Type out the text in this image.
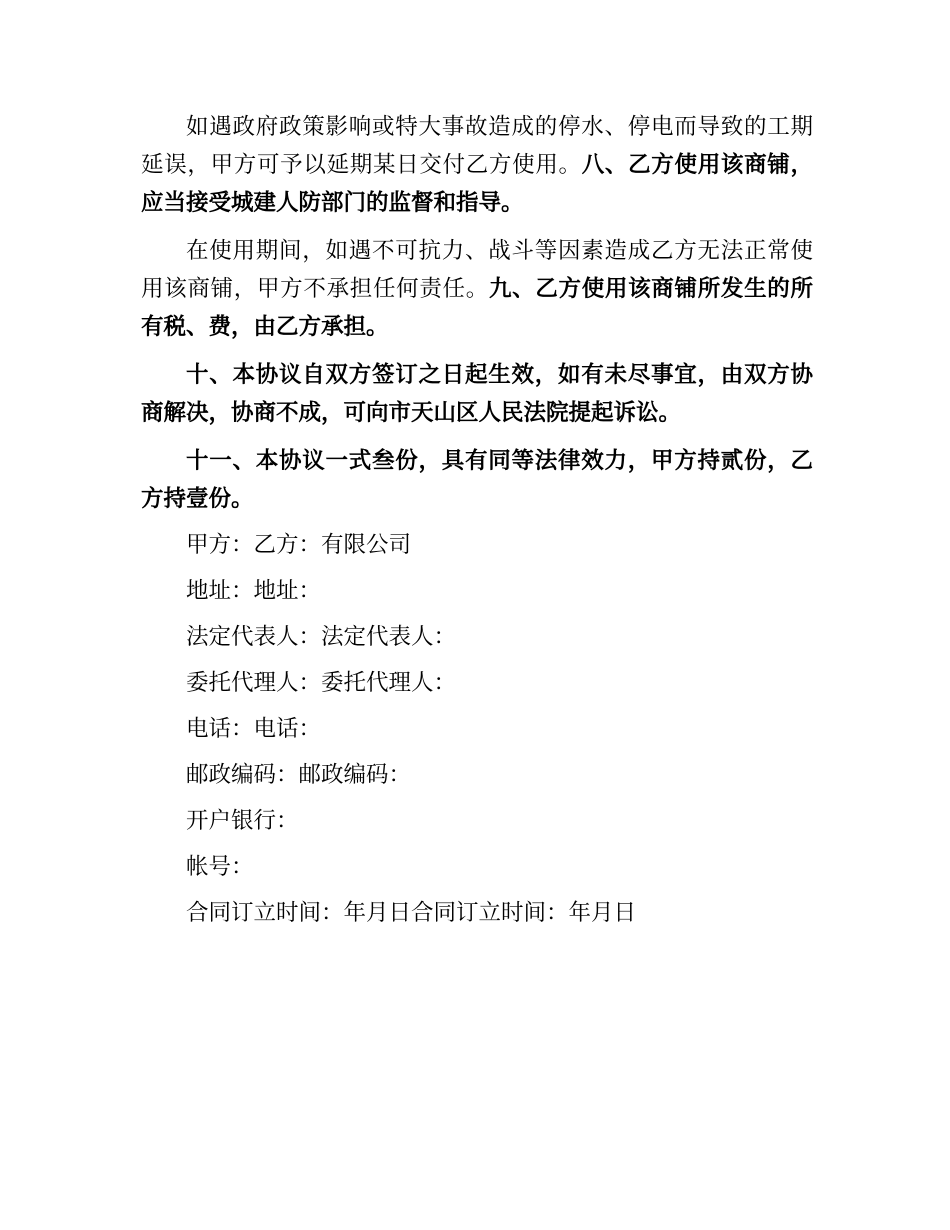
如遇政府政策影响或特大事故造成的停水、停电而导致的工期延误，甲方可予以延期某日交付乙方使用。八、乙方使用该商铺，应当接受城建人防部门的监督和指导。

在使用期间，如遇不可抗力、战斗等因素造成乙方无法正常使用该商铺，甲方不承担任何责任。九、乙方使用该商铺所发生的所有税、费，由乙方承担。

十、本协议自双方签订之日起生效，如有未尽事宜，由双方协商解决，协商不成，可向市天山区人民法院提起诉讼。

十一、本协议一式叁份，具有同等法律效力，甲方持贰份，乙方持壹份。

甲方：乙方：有限公司

地址：地址：

法定代表人：法定代表人：

委托代理人：委托代理人：

电话：电话：

邮政编码：邮政编码：

开户银行：

帐号：

合同订立时间：年月日合同订立时间：年月日
